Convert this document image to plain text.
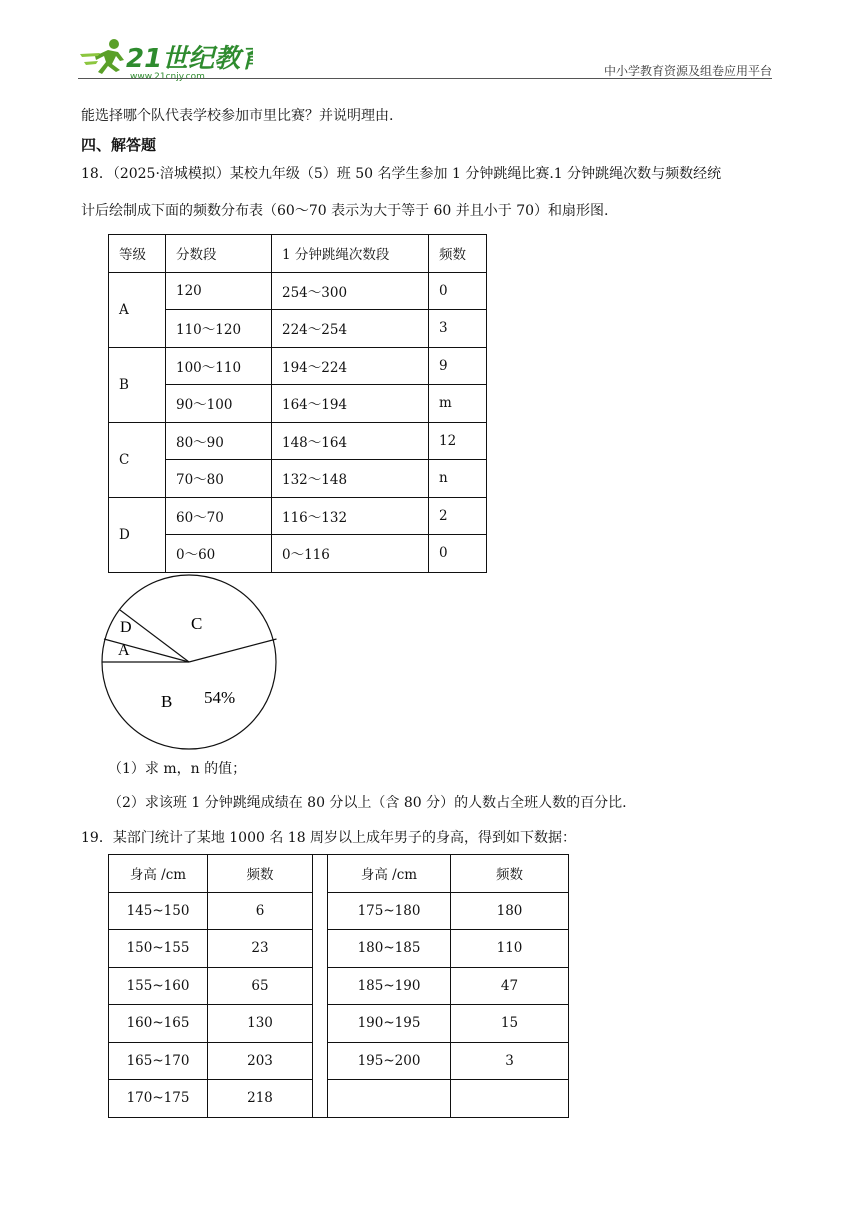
21世纪教育
www.21cnjy.com	中小学教育资源及组卷应用平台
能选择哪个队代表学校参加市里比赛？并说明理由.
四、解答题
18．（2025·涪城模拟）某校九年级（5）班 50 名学生参加 1 分钟跳绳比赛.1 分钟跳绳次数与频数经统
计后绘制成下面的频数分布表（60～70 表示为大于等于 60 并且小于 70）和扇形图.
等级	分数段	1 分钟跳绳次数段	频数
A	120	254～300	0
	110～120	224～254	3
B	100～110	194～224	9
	90～100	164～194	m
C	80～90	148～164	12
	70～80	132～148	n
D	60～70	116～132	2
	0～60	0～116	0
D
A
C
B 54%
（1）求 m，n 的值；
（2）求该班 1 分钟跳绳成绩在 80 分以上（含 80 分）的人数占全班人数的百分比.
19．某部门统计了某地 1000 名 18 周岁以上成年男子的身高，得到如下数据：
身高 /cm	频数		身高 /cm	频数
145~150	6		175~180	180
150~155	23		180~185	110
155~160	65		185~190	47
160~165	130		190~195	15
165~170	203		195~200	3
170~175	218			
